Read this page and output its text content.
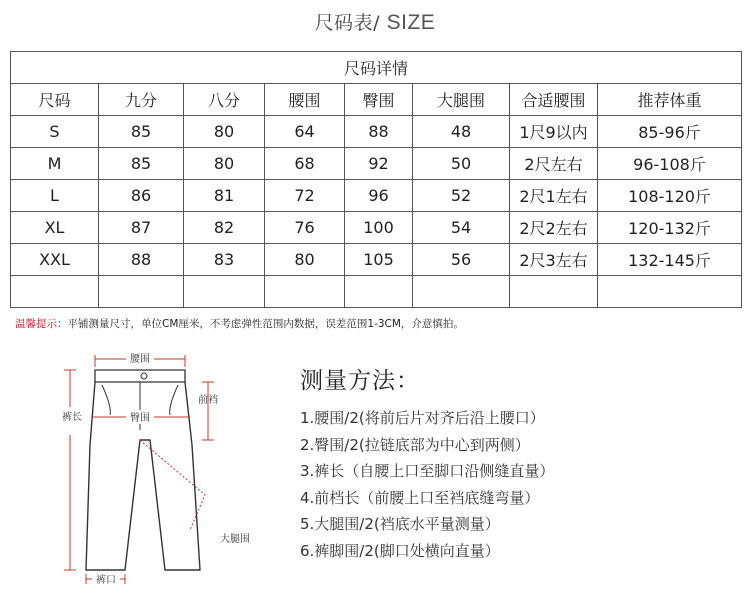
尺码表/ SIZE
尺码详情							
尺码	九分	八分	腰围	臀围	大腿围	合适腰围	推荐体重
S	85	80	64	88	48	1尺9以内	85-96斤
M	85	80	68	92	50	2尺左右	96-108斤
L	86	81	72	96	52	2尺1左右	108-120斤
XL	87	82	76	100	54	2尺2左右	120-132斤
XXL	88	83	80	105	56	2尺3左右	132-145斤

温馨提示：平铺测量尺寸，单位CM厘米，不考虑弹性范围内数据，误差范围1-3CM，介意慎拍。
腰围
臀围
裤长
前裆
大腿围
裤口
测量方法：
1.腰围/2(将前后片对齐后沿上腰口）
2.臀围/2(拉链底部为中心到两侧）
3.裤长（自腰上口至脚口沿侧缝直量）
4.前档长（前腰上口至裆底缝弯量）
5.大腿围/2(裆底水平量测量）
6.裤脚围/2(脚口处横向直量）
